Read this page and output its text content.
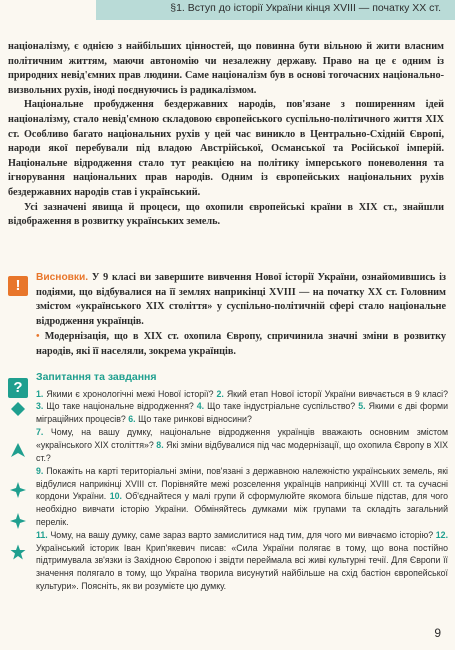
§1. Вступ до історії України кінця XVIII — початку XX ст.

націоналізму, є однією з найбільших цінностей, що повинна бути вільною й жити власним політичним життям, маючи автономію чи незалежну державу. Право на це є одним із природних невід'ємних прав людини. Саме націоналізм був в основі тогочасних національно-визвольних рухів, іноді поєднуючись із радикалізмом.

Національне пробудження бездержавних народів, пов'язане з поширенням ідей націоналізму, стало невід'ємною складовою європейського суспільно-політичного життя XIX ст. Особливо багато національних рухів у цей час виникло в Центрально-Східній Європі, народи якої перебували під владою Австрійської, Османської та Російської імперій. Національне відродження стало тут реакцією на політику імперського поневолення та ігнорування національних прав народів. Одним із європейських національних рухів бездержавних народів став і український.

Усі зазначені явища й процеси, що охопили європейські країни в XIX ст., знайшли відображення в розвитку українських земель.

!	Висновки. У 9 класі ви завершите вивчення Нової історії України, ознайомившись із подіями, що відбувалися на її землях наприкінці XVIII — на початку XX ст. Головним змістом «українського XIX століття» у суспільно-політичній сфері стало національне відродження українців.

• Модернізація, що в XIX ст. охопила Європу, спричинила значні зміни в розвитку народів, які її населяли, зокрема українців.

?

Запитання та завдання

1. Якими є хронологічні межі Нової історії? 2. Який етап Нової історії України вивчається в 9 класі? 3. Що таке національне відродження? 4. Що таке індустріальне суспільство? 5. Якими є дві форми міграційних процесів? 6. Що таке ринкові відносини?

7. Чому, на вашу думку, національне відродження українців вважають основним змістом «українського XIX століття»? 8. Які зміни відбувалися під час модернізації, що охопила Європу в XIX ст.?

9. Покажіть на карті територіальні зміни, пов'язані з державною належністю українських земель, які відбулися наприкінці XVIII ст. Порівняйте межі розселення українців наприкінці XVIII ст. та сучасні кордони України. 10. Об'єднайтеся у малі групи й сформулюйте якомога більше підстав, для чого необхідно вивчати історію України. Обміняйтесь думками між групами та складіть загальний перелік.

11. Чому, на вашу думку, саме зараз варто замислитися над тим, для чого ми вивчаємо історію? 12. Український історик Іван Крип'якевич писав: «Сила України полягає в тому, що вона постійно підтримувала зв'язки із Західною Європою і звідти переймала всі живі культурні течії. Для Європи її значення полягало в тому, що Україна творила висунутий найбільше на схід бастіон європейської культури». Поясніть, як ви розумієте цю думку.

9
